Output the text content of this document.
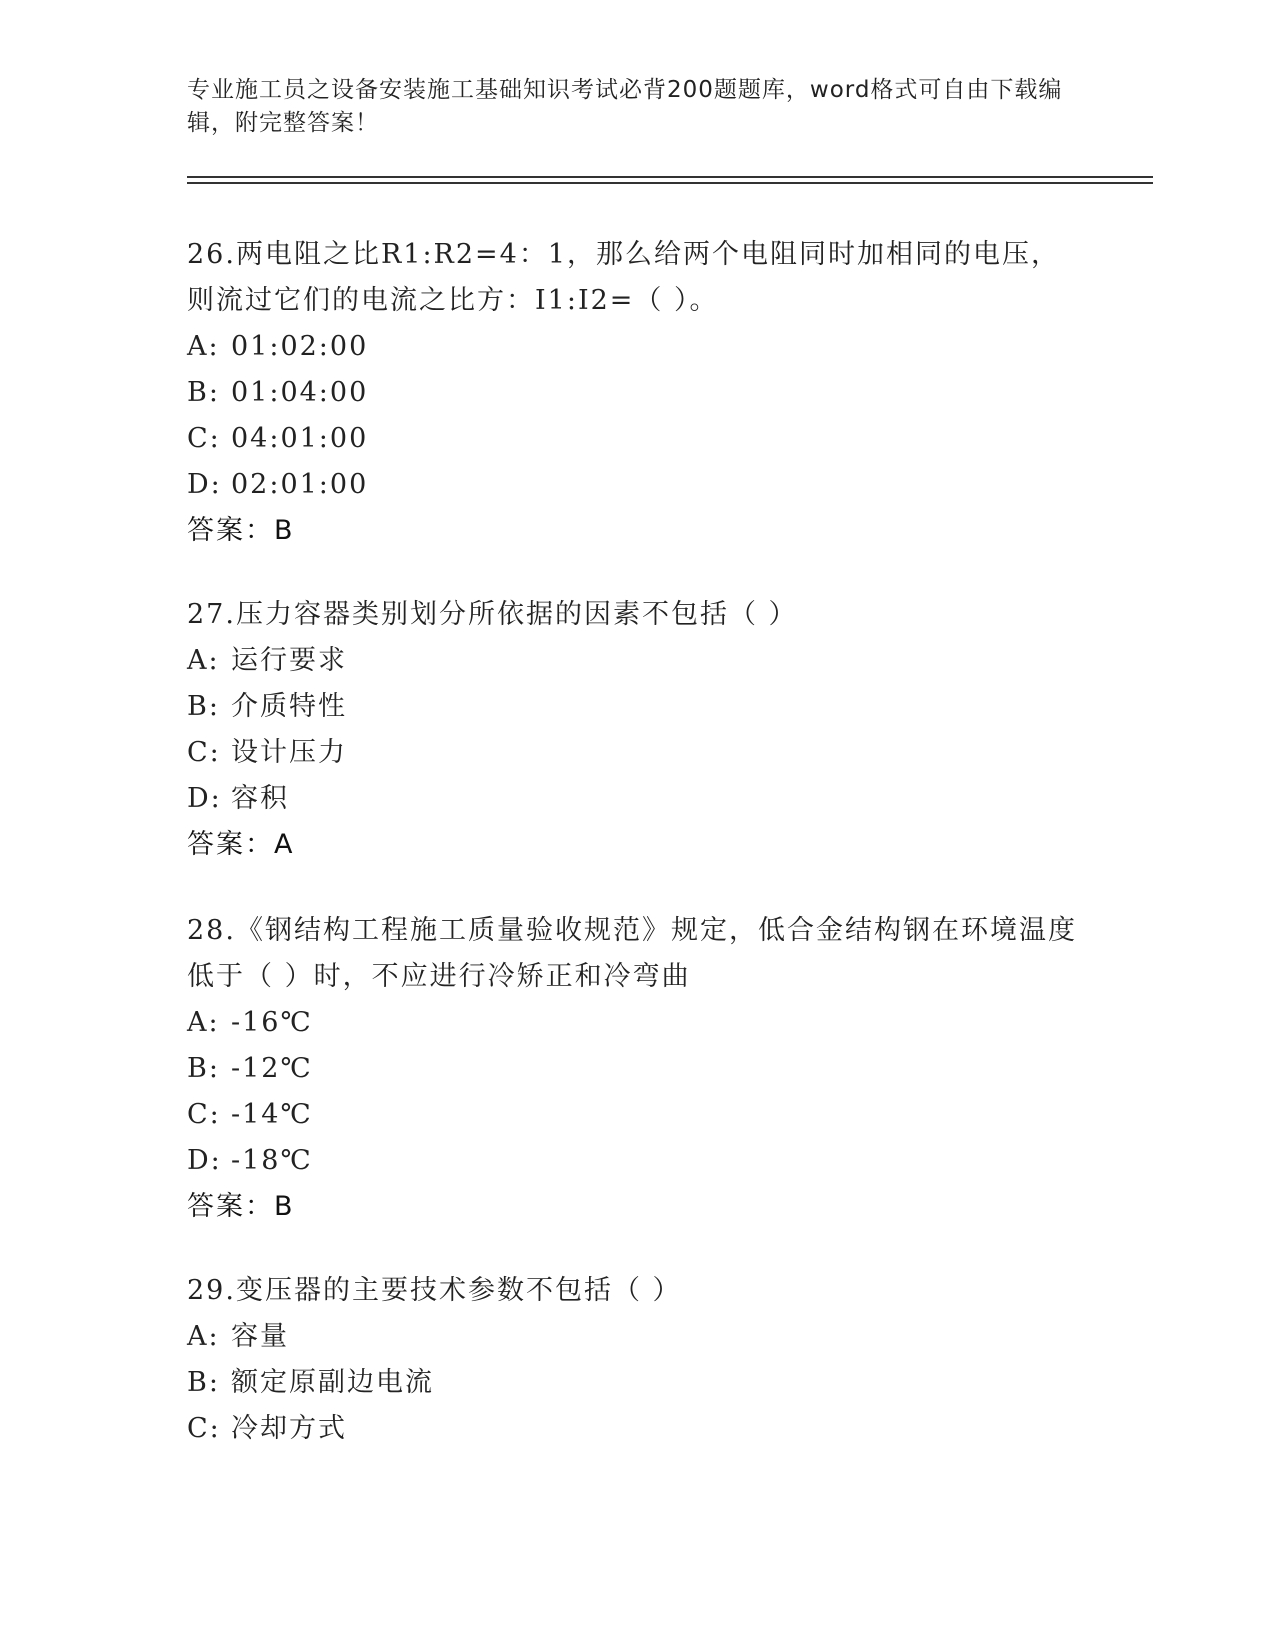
专业施工员之设备安装施工基础知识考试必背200题题库，word格式可自由下载编辑，附完整答案！

26.两电阻之比R1:R2=4：1，那么给两个电阻同时加相同的电压，则流过它们的电流之比方：I1:I2=（ ）。

A: 01:02:00

B: 01:04:00

C: 04:01:00

D: 02:01:00

答案：B

27.压力容器类别划分所依据的因素不包括（ ）

A: 运行要求

B: 介质特性

C: 设计压力

D: 容积

答案：A

28.《钢结构工程施工质量验收规范》规定，低合金结构钢在环境温度低于（ ）时，不应进行冷矫正和冷弯曲

A: -16℃

B: -12℃

C: -14℃

D: -18℃

答案：B

29.变压器的主要技术参数不包括（ ）

A: 容量

B: 额定原副边电流

C: 冷却方式
